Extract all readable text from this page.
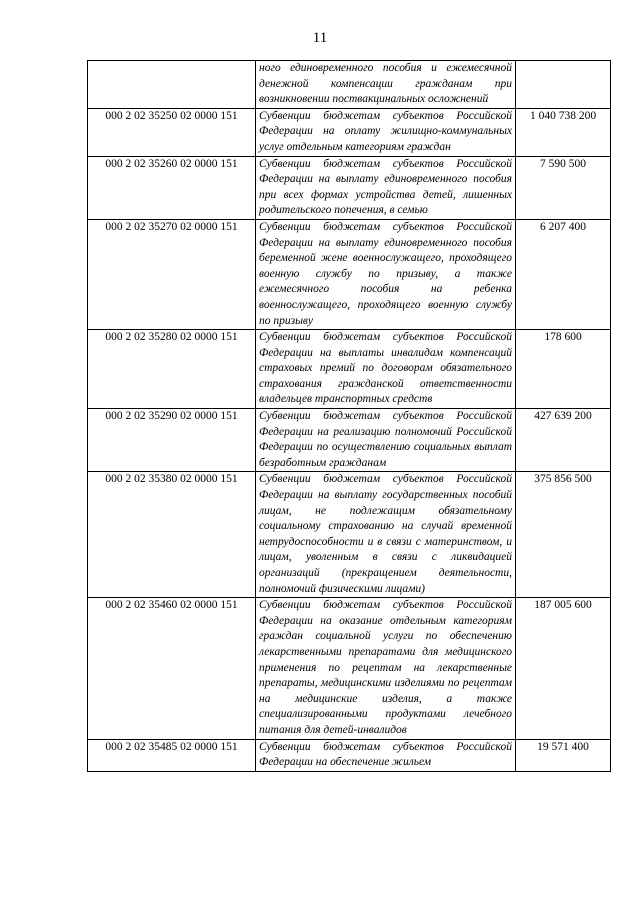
11
	ного единовременного пособия и ежемесячной денежной компенсации гражданам при возникновении поствакцинальных осложнений	
000 2 02 35250 02 0000 151	Субвенции бюджетам субъектов Российской Федерации на оплату жилищно-коммунальных услуг отдельным категориям граждан	1 040 738 200
000 2 02 35260 02 0000 151	Субвенции бюджетам субъектов Российской Федерации на выплату единовременного пособия при всех формах устройства детей, лишенных родительского попечения, в семью	7 590 500
000 2 02 35270 02 0000 151	Субвенции бюджетам субъектов Российской Федерации на выплату единовременного пособия беременной жене военнослужащего, проходящего военную службу по призыву, а также ежемесячного пособия на ребенка военнослужащего, проходящего военную службу по призыву	6 207 400
000 2 02 35280 02 0000 151	Субвенции бюджетам субъектов Российской Федерации на выплаты инвалидам компенсаций страховых премий по договорам обязательного страхования гражданской ответственности владельцев транспортных средств	178 600
000 2 02 35290 02 0000 151	Субвенции бюджетам субъектов Российской Федерации на реализацию полномочий Российской Федерации по осуществлению социальных выплат безработным гражданам	427 639 200
000 2 02 35380 02 0000 151	Субвенции бюджетам субъектов Российской Федерации на выплату государственных пособий лицам, не подлежащим обязательному социальному страхованию на случай временной нетрудоспособности и в связи с материнством, и лицам, уволенным в связи с ликвидацией организаций (прекращением деятельности, полномочий физическими лицами)	375 856 500
000 2 02 35460 02 0000 151	Субвенции бюджетам субъектов Российской Федерации на оказание отдельным категориям граждан социальной услуги по обеспечению лекарственными препаратами для медицинского применения по рецептам на лекарственные препараты, медицинскими изделиями по рецептам на медицинские изделия, а также специализированными продуктами лечебного питания для детей-инвалидов	187 005 600
000 2 02 35485 02 0000 151	Субвенции бюджетам субъектов Российской Федерации на обеспечение жильем	19 571 400
